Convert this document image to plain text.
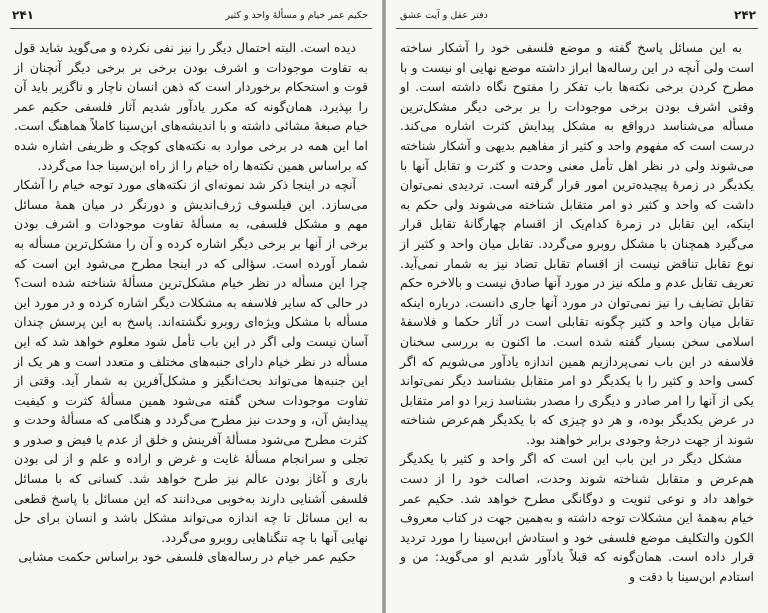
۲۴۱	حکیم عمر خیام و مسألهٔ واحد و کثیر

دیده است. البته احتمال دیگر را نیز نفی نکرده و می‌گوید شاید قول به تفاوت موجودات و اشرف بودن برخی بر برخی دیگر آنچنان از قوت و استحکام برخوردار است که ذهن انسان ناچار و ناگزیر باید آن را بپذیرد. همان‌گونه که مکرر یادآور شدیم آثار فلسفی حکیم عمر خیام صبغهٔ مشائی داشته و با اندیشه‌های ابن‌سینا کاملاً هماهنگ است. اما این همه در برخی موارد به نکته‌های کوچک و ظریفی اشاره شده که براساس همین نکته‌ها راه خیام را از راه ابن‌سینا جدا می‌گردد.

آنچه در اینجا ذکر شد نمونه‌ای از نکته‌های مورد توجه خیام را آشکار می‌سازد. این فیلسوف ژرف‌اندیش و دورنگر در میان همهٔ مسائل مهم و مشکل فلسفی، به مسألهٔ تفاوت موجودات و اشرف بودن برخی از آنها بر برخی دیگر اشاره کرده و آن را مشکل‌ترین مسأله به شمار آورده است. سؤالی که در اینجا مطرح می‌شود این است که چرا این مسأله در نظر خیام مشکل‌ترین مسألهٔ شناخته شده است؟ در حالی که سایر فلاسفه به مشکلات دیگر اشاره کرده و در مورد این مسأله با مشکل ویژه‌ای روبرو نگشته‌اند. پاسخ به این پرسش چندان آسان نیست ولی اگر در این باب تأمل شود معلوم خواهد شد که این مسأله در نظر خیام دارای جنبه‌های مختلف و متعدد است و هر یک از این جنبه‌ها می‌تواند بحث‌انگیز و مشکل‌آفرین به شمار آید. وقتی از تفاوت موجودات سخن گفته می‌شود همین مسألهٔ کثرت و کیفیت پیدایش آن، و وحدت نیز مطرح می‌گردد و هنگامی که مسألهٔ وحدت و کثرت مطرح می‌شود مسألهٔ آفرینش و خلق از عدم یا فیض و صدور و تجلی و سرانجام مسألهٔ غایت و غرض و اراده و علم و از لی بودن باری و آغاز بودن عالم نیز طرح خواهد شد. کسانی که با مسائل فلسفی آشنایی دارند به‌خوبی می‌دانند که این مسائل با پاسخ قطعی به این مسائل تا چه اندازه می‌تواند مشکل باشد و انسان برای حل نهایی آنها با چه تنگناهایی روبرو می‌گردد.

حکیم عمر خیام در رساله‌های فلسفی خود براساس حکمت مشایی

۲۴۲
دفتر عقل و آیت عشق

به این مسائل پاسخ گفته و موضع فلسفی خود را آشکار ساخته است ولی آنچه در این رساله‌ها ابراز داشته موضع نهایی او نیست و با مطرح کردن برخی نکته‌ها باب تفکر را مفتوح نگاه داشته است. او وقتی اشرف بودن برخی موجودات را بر برخی دیگر مشکل‌ترین مسأله می‌شناسد درواقع به مشکل پیدایش کثرت اشاره می‌کند. درست است که مفهوم واحد و کثیر از مفاهیم بدیهی و آشکار شناخته می‌شوند ولی در نظر اهل تأمل معنی وحدت و کثرت و تقابل آنها با یکدیگر در زمرهٔ پیچیده‌ترین امور قرار گرفته است. تردیدی نمی‌توان داشت که واحد و کثیر دو امر متقابل شناخته می‌شوند ولی حکم به اینکه، این تقابل در زمرهٔ کدام‌یک از اقسام چهارگانهٔ تقابل قرار می‌گیرد همچنان با مشکل روبرو می‌گردد. تقابل میان واحد و کثیر از نوع تقابل تناقض نیست از اقسام تقابل تضاد نیز به شمار نمی‌آید. تعریف تقابل عدم و ملکه نیز در مورد آنها صادق نیست و بالاخره حکم تقابل تضایف را نیز نمی‌توان در مورد آنها جاری دانست. درباره اینکه تقابل میان واحد و کثیر چگونه تقابلی است در آثار حکما و فلاسفهٔ اسلامی سخن بسیار گفته شده است. ما اکنون به بررسی سخنان فلاسفه در این باب نمی‌پردازیم همین اندازه یادآور می‌شویم که اگر کسی واحد و کثیر را با یکدیگر دو امر متقابل بشناسد دیگر نمی‌تواند یکی از آنها را امر صادر و دیگری را مصدر بشناسد زیرا دو امر متقابل در عرض یکدیگر بوده، و هر دو چیزی که با یکدیگر هم‌عرض شناخته شوند از جهت درجهٔ وجودی برابر خواهند بود.

مشکل دیگر در این باب این است که اگر واحد و کثیر با یکدیگر هم‌عرض و متقابل شناخته شوند وحدت، اصالت خود را از دست خواهد داد و نوعی ثنویت و دوگانگی مطرح خواهد شد. حکیم عمر خیام به‌همهٔ این مشکلات توجه داشته و به‌همین جهت در کتاب معروف الکون والتکلیف موضع فلسفی خود و استادش ابن‌سینا را مورد تردید قرار داده است. همان‌گونه که قبلاً یادآور شدیم او می‌گوید: من و استادم ابن‌سینا با دقت و
